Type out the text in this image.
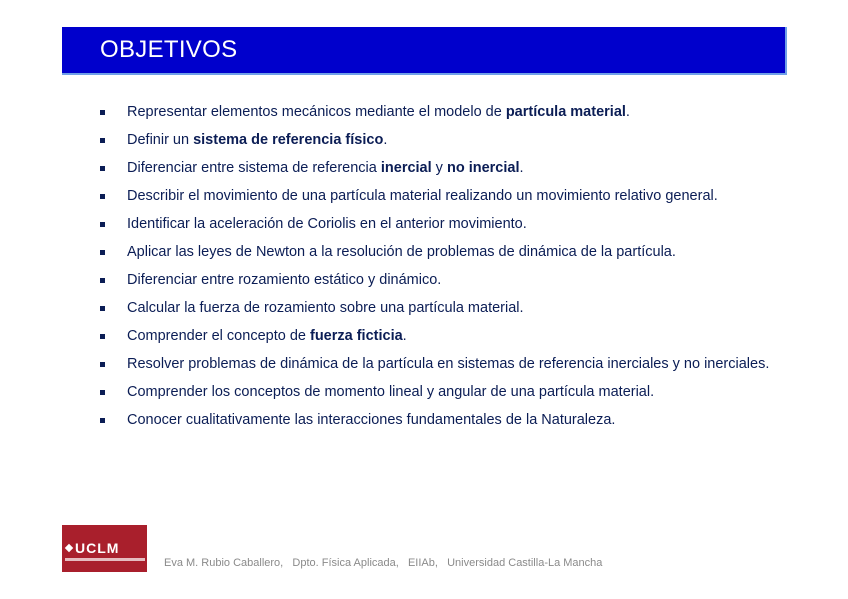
OBJETIVOS
Representar elementos mecánicos mediante el modelo de partícula material.
Definir un sistema de referencia físico.
Diferenciar entre sistema de referencia inercial y no inercial.
Describir el movimiento de una partícula material realizando un movimiento relativo general.
Identificar la aceleración de Coriolis en el anterior movimiento.
Aplicar las leyes de Newton a la resolución de problemas de dinámica de la partícula.
Diferenciar entre rozamiento estático y dinámico.
Calcular la fuerza de rozamiento sobre una partícula material.
Comprender el concepto de fuerza ficticia.
Resolver problemas de dinámica de la partícula en sistemas de referencia inerciales y no inerciales.
Comprender los conceptos de momento lineal y angular de una partícula material.
Conocer cualitativamente las interacciones fundamentales de la Naturaleza.
UCLM
Eva M. Rubio Caballero, Dpto. Física Aplicada, EIIAb, Universidad Castilla-La Mancha
